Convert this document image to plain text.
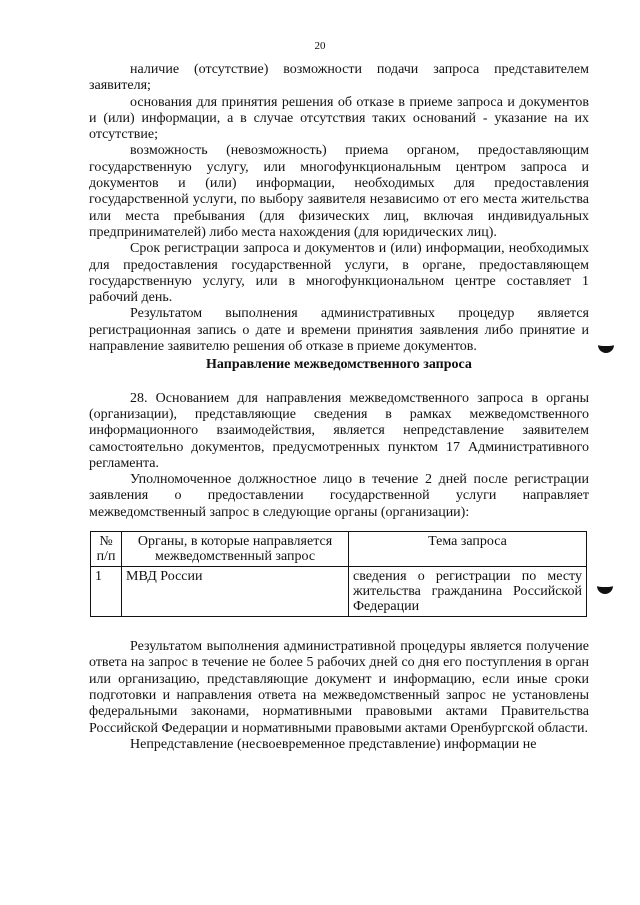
20

наличие (отсутствие) возможности подачи запроса представителем заявителя;

основания для принятия решения об отказе в приеме запроса и документов и (или) информации, а в случае отсутствия таких оснований - указание на их отсутствие;

возможность (невозможность) приема органом, предоставляющим государственную услугу, или многофункциональным центром запроса и документов и (или) информации, необходимых для предоставления государственной услуги, по выбору заявителя независимо от его места жительства или места пребывания (для физических лиц, включая индивидуальных предпринимателей) либо места нахождения (для юридических лиц).

Срок регистрации запроса и документов и (или) информации, необходимых для предоставления государственной услуги, в органе, предоставляющем государственную услугу, или в многофункциональном центре составляет 1 рабочий день.

Результатом выполнения административных процедур является регистрационная запись о дате и времени принятия заявления либо принятие и направление заявителю решения об отказе в приеме документов.

Направление межведомственного запроса

28. Основанием для направления межведомственного запроса в органы (организации), представляющие сведения в рамках межведомственного информационного взаимодействия, является непредставление заявителем самостоятельно документов, предусмотренных пунктом 17 Административного регламента.

Уполномоченное должностное лицо в течение 2 дней после регистрации заявления о предоставлении государственной услуги направляет межведомственный запрос в следующие органы (организации):

№ п/п	Органы, в которые направляется межведомственный запрос	Тема запроса
1	МВД России	сведения о регистрации по месту жительства гражданина Российской Федерации

Результатом выполнения административной процедуры является получение ответа на запрос в течение не более 5 рабочих дней со дня его поступления в орган или организацию, представляющие документ и информацию, если иные сроки подготовки и направления ответа на межведомственный запрос не установлены федеральными законами, нормативными правовыми актами Правительства Российской Федерации и нормативными правовыми актами Оренбургской области.

Непредставление (несвоевременное представление) информации не
